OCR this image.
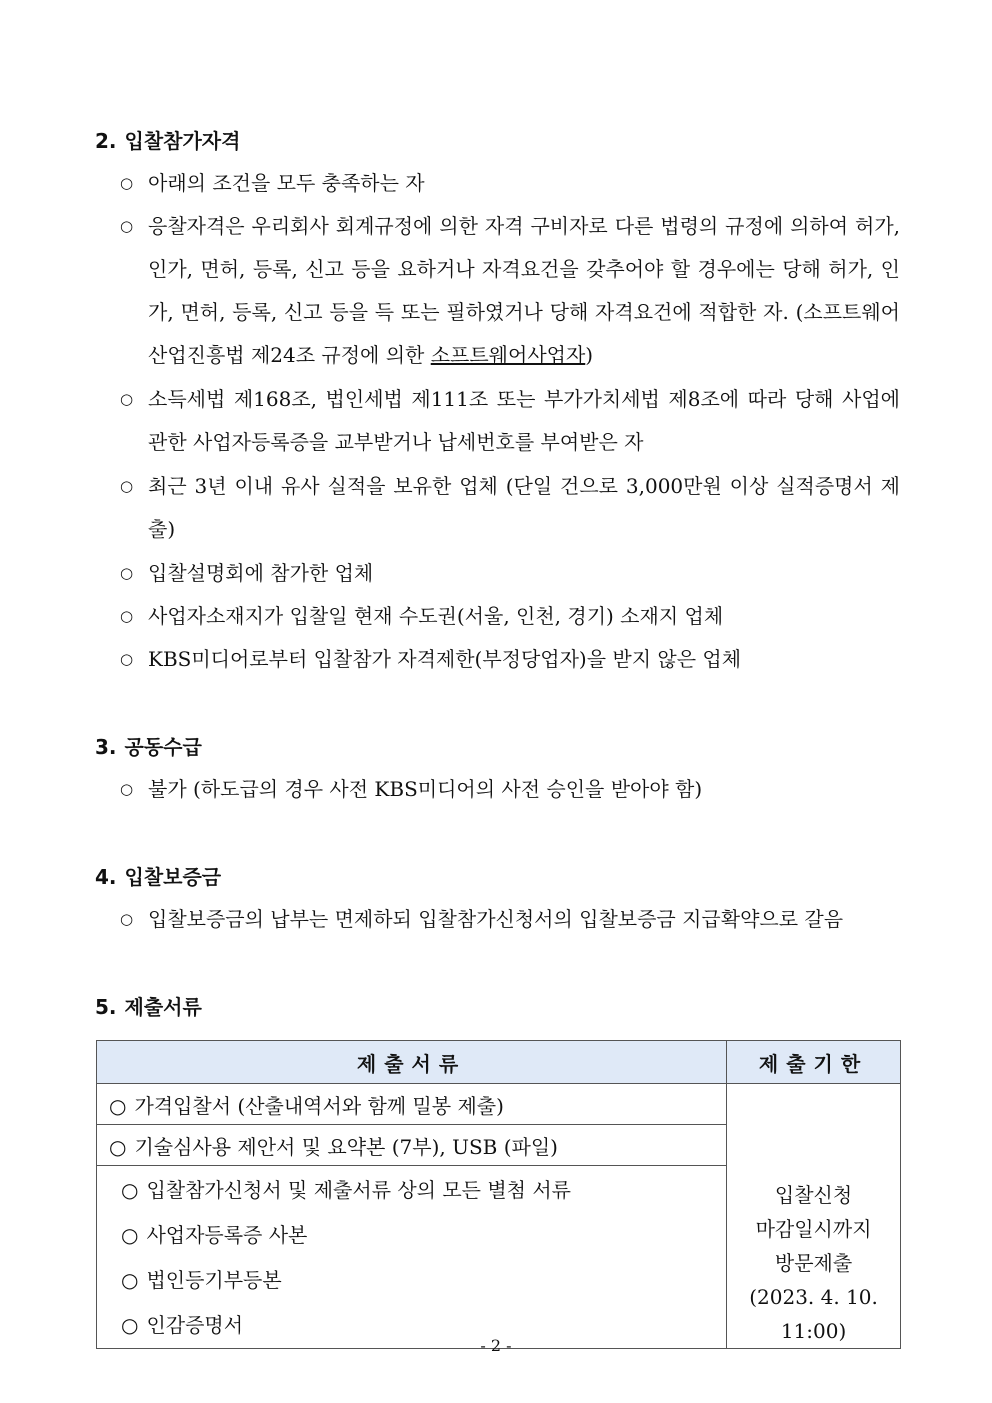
2. 입찰참가자격
○ 아래의 조건을 모두 충족하는 자
○ 응찰자격은 우리회사 회계규정에 의한 자격 구비자로 다른 법령의 규정에 의하여 허가, 인가, 면허, 등록, 신고 등을 요하거나 자격요건을 갖추어야 할 경우에는 당해 허가, 인가, 면허, 등록, 신고 등을 득 또는 필하였거나 당해 자격요건에 적합한 자. (소프트웨어산업진흥법 제24조 규정에 의한 소프트웨어사업자)
○ 소득세법 제168조, 법인세법 제111조 또는 부가가치세법 제8조에 따라 당해 사업에 관한 사업자등록증을 교부받거나 납세번호를 부여받은 자
○ 최근 3년 이내 유사 실적을 보유한 업체 (단일 건으로 3,000만원 이상 실적증명서 제출)
○ 입찰설명회에 참가한 업체
○ 사업자소재지가 입찰일 현재 수도권(서울, 인천, 경기) 소재지 업체
○ KBS미디어로부터 입찰참가 자격제한(부정당업자)을 받지 않은 업체
3. 공동수급
○ 불가 (하도급의 경우 사전 KBS미디어의 사전 승인을 받아야 함)
4. 입찰보증금
○ 입찰보증금의 납부는 면제하되 입찰참가신청서의 입찰보증금 지급확약으로 갈음
5. 제출서류
제출서류	제출기한
○ 가격입찰서 (산출내역서와 함께 밀봉 제출)	입찰신청
마감일시까지
방문제출
(2023. 4. 10.
11:00)

○ 기술심사용 제안서 및 요약본 (7부), USB (파일)	

○ 입찰참가신청서 및 제출서류 상의 모든 별첨 서류
○ 사업자등록증 사본
○ 법인등기부등본
○ 인감증명서	
- 2 -
